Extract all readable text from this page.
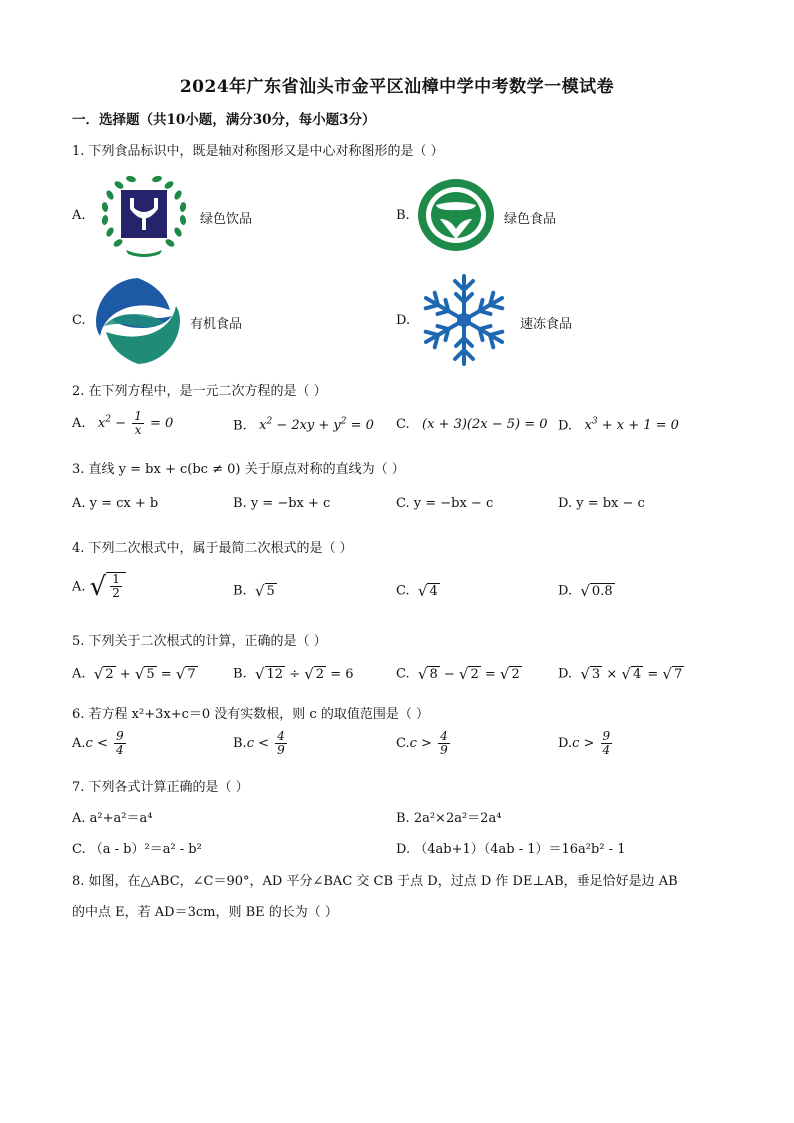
2024年广东省汕头市金平区汕樟中学中考数学一模试卷
一．选择题（共10小题，满分30分，每小题3分）
1. 下列食品标识中，既是轴对称图形又是中心对称图形的是（ ）
A.	绿色饮品	B.	绿色食品
C.	有机食品	D.	速冻食品
2. 在下列方程中，是一元二次方程的是（ ）
A.   $x^2 - \frac{1}{x} = 0$	B.   $x^2 - 2xy + y^2 = 0$ C.   (x + 3)(2x − 5) = 0 D.   $x^3 + x + 1 = 0$
3. 直线 y = bx + c(bc ≠ 0) 关于原点对称的直线为（ ）
A. y = cx + b	B. y = −bx + c	C. y = −bx − c	D. y = bx − c
4. 下列二次根式中，属于最简二次根式的是（ ）
A. √ $\frac{1}{2}$	B. √ 5	C. √ 4	D. √ 0.8
5. 下列关于二次根式的计算，正确的是（ ）
A. √ 2 + √ 5 = √ 7	B. √ 12 ÷ √ 2 = 6	C. √ 8 − √ 2 = √ 2	D. √ 3 × √ 4 = √ 7
6. 若方程 x²+3x+c＝0 没有实数根，则 c 的取值范围是（ ）
$A.c < \frac{9}{4}$	$B.c < \frac{4}{9}$	$C.c > \frac{4}{9}$	$D.c > \frac{9}{4}$
7. 下列各式计算正确的是（ ）
A. a²+a²＝a⁴	B. 2a²×2a²＝2a⁴
C. （a - b）²＝a² - b²	D. （4ab+1）（4ab - 1）＝16a²b² - 1
8. 如图，在△ABC，∠C＝90°，AD 平分∠BAC 交 CB 于点 D，过点 D 作 DE⊥AB，垂足恰好是边 AB
的中点 E，若 AD＝3cm，则 BE 的长为（ ）
